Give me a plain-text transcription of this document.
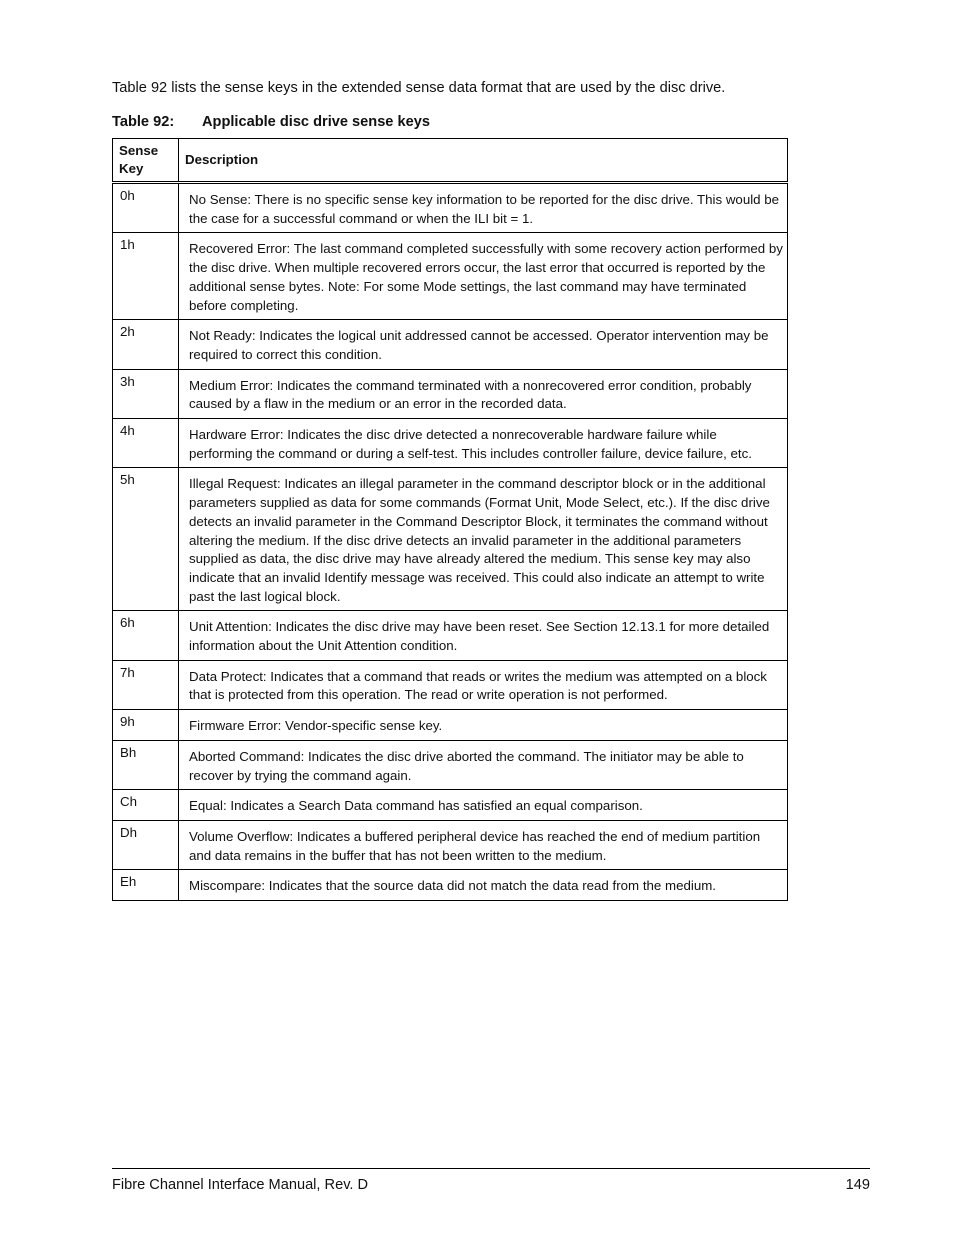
Table 92 lists the sense keys in the extended sense data format that are used by the disc drive.
Table 92: Applicable disc drive sense keys
Sense Key	Description
0h	No Sense: There is no specific sense key information to be reported for the disc drive. This would be the case for a successful command or when the ILI bit = 1.
1h	Recovered Error: The last command completed successfully with some recovery action performed by the disc drive. When multiple recovered errors occur, the last error that occurred is reported by the additional sense bytes. Note: For some Mode settings, the last command may have terminated before completing.
2h	Not Ready: Indicates the logical unit addressed cannot be accessed. Operator intervention may be required to correct this condition.
3h	Medium Error: Indicates the command terminated with a nonrecovered error condition, probably caused by a flaw in the medium or an error in the recorded data.
4h	Hardware Error: Indicates the disc drive detected a nonrecoverable hardware failure while performing the command or during a self-test. This includes controller failure, device failure, etc.
5h	Illegal Request: Indicates an illegal parameter in the command descriptor block or in the additional parameters supplied as data for some commands (Format Unit, Mode Select, etc.). If the disc drive detects an invalid parameter in the Command Descriptor Block, it terminates the command without altering the medium. If the disc drive detects an invalid parameter in the additional parameters supplied as data, the disc drive may have already altered the medium. This sense key may also indicate that an invalid Identify message was received. This could also indicate an attempt to write past the last logical block.
6h	Unit Attention: Indicates the disc drive may have been reset. See Section 12.13.1 for more detailed information about the Unit Attention condition.
7h	Data Protect: Indicates that a command that reads or writes the medium was attempted on a block that is protected from this operation. The read or write operation is not performed.
9h	Firmware Error: Vendor-specific sense key.
Bh	Aborted Command: Indicates the disc drive aborted the command. The initiator may be able to recover by trying the command again.
Ch	Equal: Indicates a Search Data command has satisfied an equal comparison.
Dh	Volume Overflow: Indicates a buffered peripheral device has reached the end of medium partition and data remains in the buffer that has not been written to the medium.
Eh	Miscompare: Indicates that the source data did not match the data read from the medium.
Fibre Channel Interface Manual, Rev. D	149
